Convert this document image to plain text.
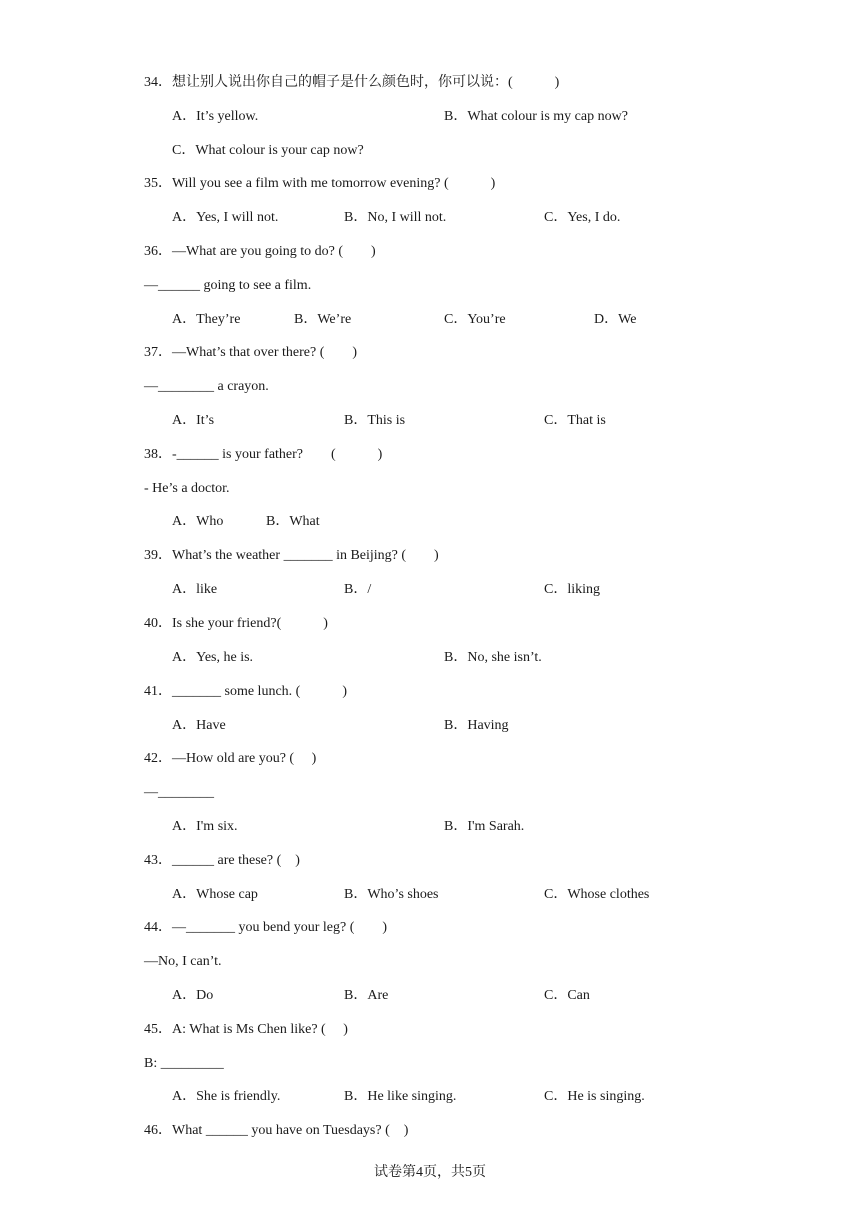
34．想让别人说出你自己的帽子是什么颜色时，你可以说：(　　　)
A．It’s yellow.	B．What colour is my cap now?
C．What colour is your cap now?
35．Will you see a film with me tomorrow evening? (　　　)
A．Yes, I will not.	B．No, I will not.	C．Yes, I do.
36．—What are you going to do? (　　)
—______ going to see a film.
A．They’re	B．We’re	C．You’re	D．We
37．—What’s that over there? (　　)
—________ a crayon.
A．It’s	B．This is	C．That is
38．-______ is your father?　　(　　　)
- He’s a doctor.
A．Who	B．What
39．What’s the weather _______ in Beijing? (　　)
A．like	B．/	C．liking
40．Is she your friend?(　　　)
A．Yes, he is.	B．No, she isn’t.
41．_______ some lunch. (　　　)
A．Have	B．Having
42．—How old are you? (　 )
—________
A．I'm six.	B．I'm Sarah.
43．______ are these? (　)
A．Whose cap	B．Who’s shoes	C．Whose clothes
44．—_______ you bend your leg? (　　)
—No, I can’t.
A．Do	B．Are	C．Can
45．A: What is Ms Chen like? (　 )
B: _________
A．She is friendly.	B．He like singing.	C．He is singing.
46．What ______ you have on Tuesdays? (　)
试卷第4页，共5页
